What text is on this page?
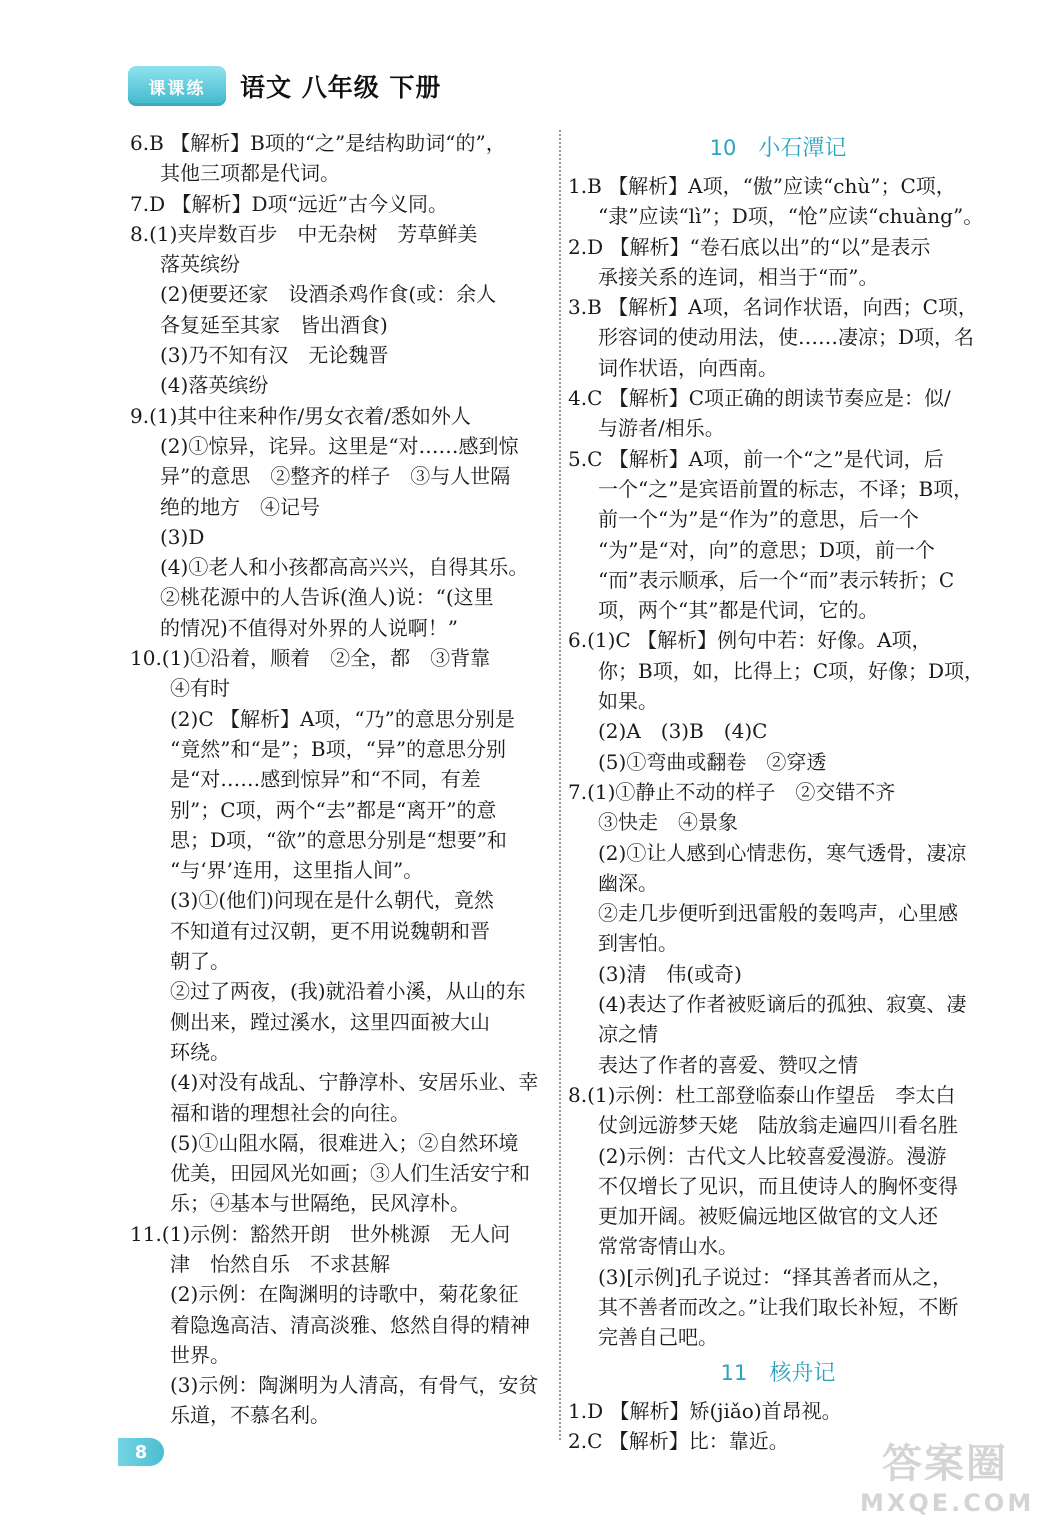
课课练	语文 八年级 下册
6.B 【解析】B项的“之”是结构助词“的”，
其他三项都是代词。
7.D 【解析】D项“远近”古今义同。
8.(1)夹岸数百步　中无杂树　芳草鲜美
落英缤纷
(2)便要还家　设酒杀鸡作食(或：余人
各复延至其家　皆出酒食)
(3)乃不知有汉　无论魏晋
(4)落英缤纷
9.(1)其中往来种作/男女衣着/悉如外人
(2)①惊异，诧异。这里是“对……感到惊
异”的意思　②整齐的样子　③与人世隔
绝的地方　④记号
(3)D
(4)①老人和小孩都高高兴兴，自得其乐。
②桃花源中的人告诉(渔人)说：“(这里
的情况)不值得对外界的人说啊！”
10.(1)①沿着，顺着　②全，都　③背靠
④有时
(2)C 【解析】A项，“乃”的意思分别是
“竟然”和“是”；B项，“异”的意思分别
是“对……感到惊异”和“不同，有差
别”；C项，两个“去”都是“离开”的意
思；D项，“欲”的意思分别是“想要”和
“与‘界’连用，这里指人间”。
(3)①(他们)问现在是什么朝代，竟然
不知道有过汉朝，更不用说魏朝和晋
朝了。
②过了两夜，(我)就沿着小溪，从山的东
侧出来，蹚过溪水，这里四面被大山
环绕。
(4)对没有战乱、宁静淳朴、安居乐业、幸
福和谐的理想社会的向往。
(5)①山阻水隔，很难进入；②自然环境
优美，田园风光如画；③人们生活安宁和
乐；④基本与世隔绝，民风淳朴。
11.(1)示例：豁然开朗　世外桃源　无人问
津　怡然自乐　不求甚解
(2)示例：在陶渊明的诗歌中，菊花象征
着隐逸高洁、清高淡雅、悠然自得的精神
世界。
(3)示例：陶渊明为人清高，有骨气，安贫
乐道，不慕名利。
10 小石潭记
1.B 【解析】A项，“傲”应读“chù”；C项，
“隶”应读“lì”；D项，“怆”应读“chuàng”。
2.D 【解析】“卷石底以出”的“以”是表示
承接关系的连词，相当于“而”。
3.B 【解析】A项，名词作状语，向西；C项，
形容词的使动用法，使……凄凉；D项，名
词作状语，向西南。
4.C 【解析】C项正确的朗读节奏应是：似/
与游者/相乐。
5.C 【解析】A项，前一个“之”是代词，后
一个“之”是宾语前置的标志，不译；B项，
前一个“为”是“作为”的意思，后一个
“为”是“对，向”的意思；D项，前一个
“而”表示顺承，后一个“而”表示转折；C
项，两个“其”都是代词，它的。
6.(1)C 【解析】例句中若：好像。A项，
你；B项，如，比得上；C项，好像；D项，
如果。
(2)A　(3)B　(4)C
(5)①弯曲或翻卷　②穿透
7.(1)①静止不动的样子　②交错不齐
③快走　④景象
(2)①让人感到心情悲伤，寒气透骨，凄凉
幽深。
②走几步便听到迅雷般的轰鸣声，心里感
到害怕。
(3)清　伟(或奇)
(4)表达了作者被贬谪后的孤独、寂寞、凄
凉之情
表达了作者的喜爱、赞叹之情
8.(1)示例：杜工部登临泰山作望岳　李太白
仗剑远游梦天姥　陆放翁走遍四川看名胜
(2)示例：古代文人比较喜爱漫游。漫游
不仅增长了见识，而且使诗人的胸怀变得
更加开阔。被贬偏远地区做官的文人还
常常寄情山水。
(3)[示例]孔子说过：“择其善者而从之，
其不善者而改之。”让我们取长补短，不断
完善自己吧。
11 核舟记
1.D 【解析】矫(jiǎo)首昂视。
2.C 【解析】比：靠近。
8	答案圈
MXQE.COM
